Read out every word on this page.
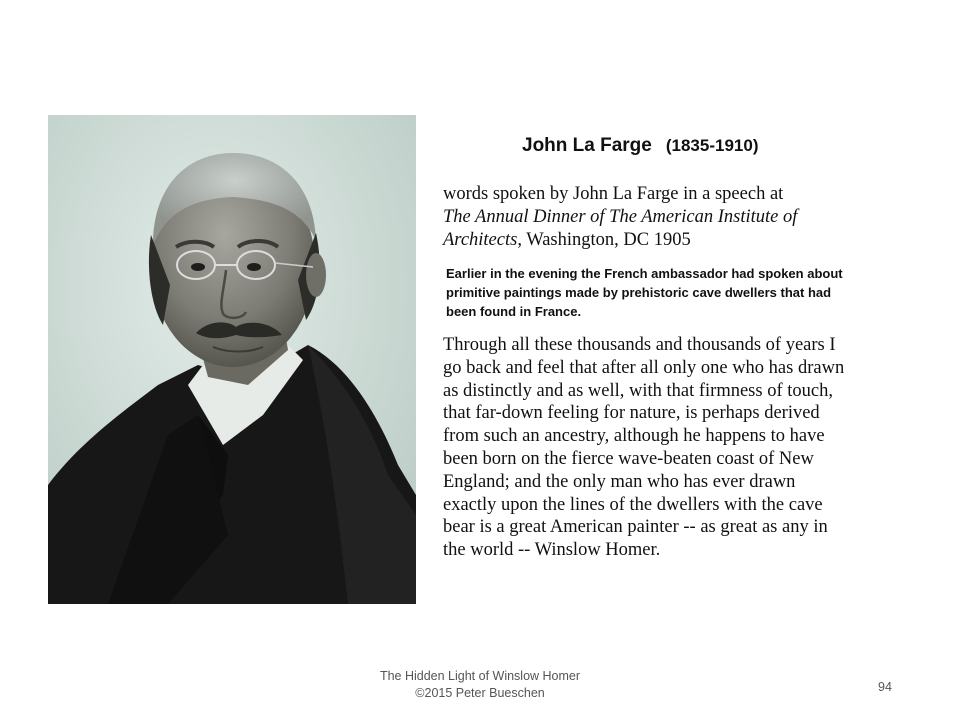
John La Farge (1835-1910)
words spoken by John La Farge in a speech at
The Annual Dinner of The American Institute of
Architects, Washington, DC 1905
Earlier in the evening the French ambassador had spoken about
primitive paintings made by prehistoric cave dwellers that had
been found in France.
Through all these thousands and thousands of years I
go back and feel that after all only one who has drawn
as distinctly and as well, with that firmness of touch,
that far-down feeling for nature, is perhaps derived
from such an ancestry, although he happens to have
been born on the fierce wave-beaten coast of New
England; and the only man who has ever drawn
exactly upon the lines of the dwellers with the cave
bear is a great American painter -- as great as any in
the world -- Winslow Homer.
The Hidden Light of Winslow Homer
©2015 Peter Bueschen	94
